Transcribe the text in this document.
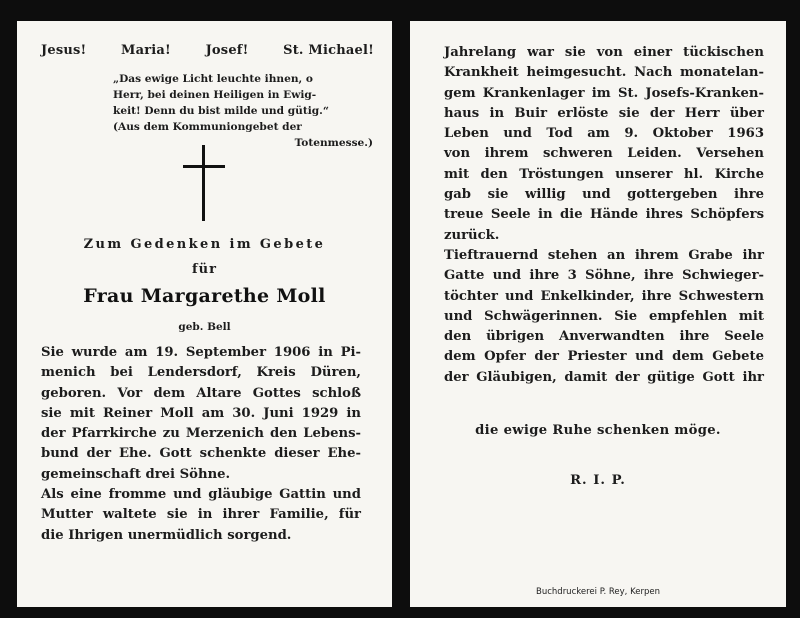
Jesus!	Maria!	Josef!	St. Michael!

„Das ewige Licht leuchte ihnen, o
Herr, bei deinen Heiligen in Ewig-
keit! Denn du bist milde und gütig.“
(Aus dem Kommuniongebet der
Totenmesse.)

Zum Gedenken im Gebete
für
Frau Margarethe Moll
geb. Bell

Sie wurde am 19. September 1906 in Pi-
menich bei Lendersdorf, Kreis Düren,
geboren. Vor dem Altare Gottes schloß
sie mit Reiner Moll am 30. Juni 1929 in
der Pfarrkirche zu Merzenich den Lebens-
bund der Ehe. Gott schenkte dieser Ehe-
gemeinschaft drei Söhne.
Als eine fromme und gläubige Gattin und
Mutter waltete sie in ihrer Familie, für
die Ihrigen unermüdlich sorgend.

Jahrelang war sie von einer tückischen
Krankheit heimgesucht. Nach monatelan-
gem Krankenlager im St. Josefs-Kranken-
haus in Buir erlöste sie der Herr über
Leben und Tod am 9. Oktober 1963
von ihrem schweren Leiden. Versehen
mit den Tröstungen unserer hl. Kirche
gab sie willig und gottergeben ihre
treue Seele in die Hände ihres Schöpfers
zurück.
Tieftrauernd stehen an ihrem Grabe ihr
Gatte und ihre 3 Söhne, ihre Schwieger-
töchter und Enkelkinder, ihre Schwestern
und Schwägerinnen. Sie empfehlen mit
den übrigen Anverwandten ihre Seele
dem Opfer der Priester und dem Gebete
der Gläubigen, damit der gütige Gott ihr

die ewige Ruhe schenken möge.
R. I. P.
Buchdruckerei P. Rey, Kerpen
